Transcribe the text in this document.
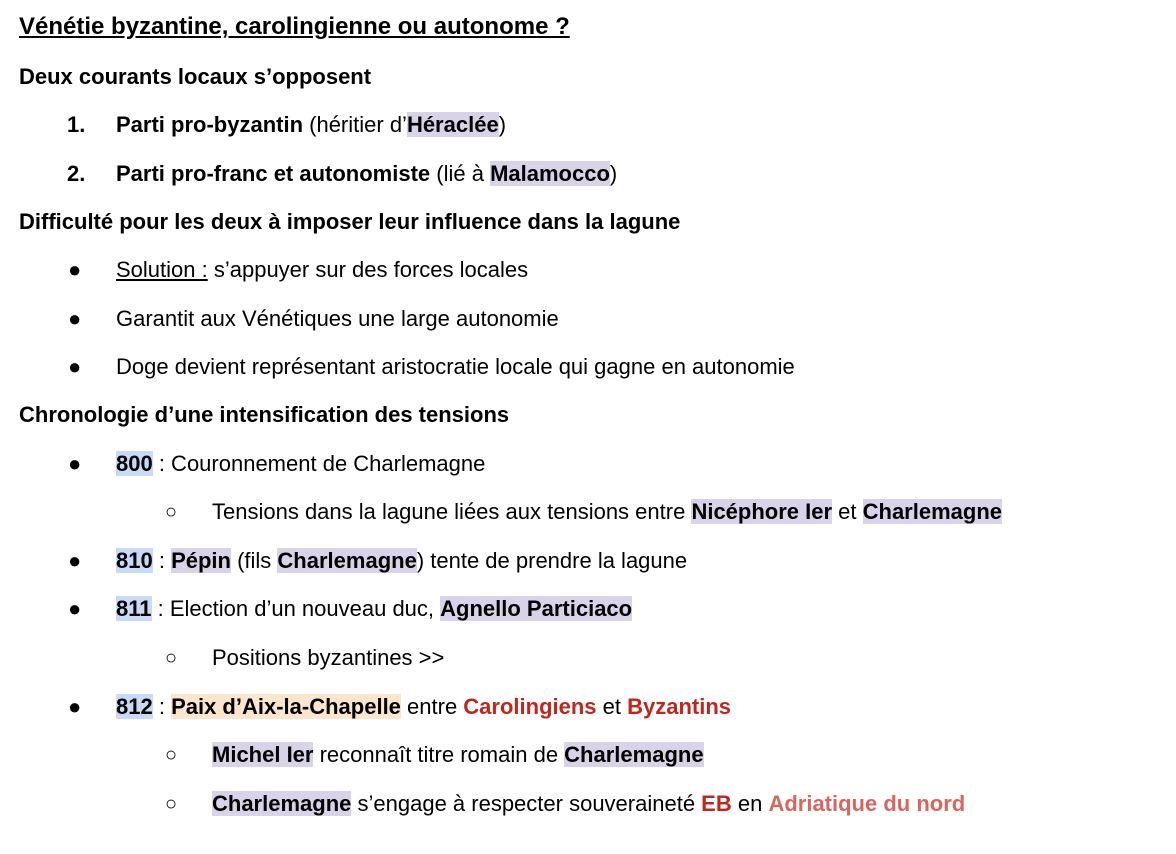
Vénétie byzantine, carolingienne ou autonome ?
Deux courants locaux s’opposent
1. Parti pro-byzantin (héritier d’Héraclée)
2. Parti pro-franc et autonomiste (lié à Malamocco)
Difficulté pour les deux à imposer leur influence dans la lagune
● Solution : s’appuyer sur des forces locales
● Garantit aux Vénétiques une large autonomie
● Doge devient représentant aristocratie locale qui gagne en autonomie
Chronologie d’une intensification des tensions
● 800 : Couronnement de Charlemagne
○ Tensions dans la lagune liées aux tensions entre Nicéphore Ier et Charlemagne
● 810 : Pépin (fils Charlemagne) tente de prendre la lagune
● 811 : Election d’un nouveau duc, Agnello Particiaco
○ Positions byzantines >>
● 812 : Paix d’Aix-la-Chapelle entre Carolingiens et Byzantins
○ Michel Ier reconnaît titre romain de Charlemagne
○ Charlemagne s’engage à respecter souveraineté EB en Adriatique du nord
